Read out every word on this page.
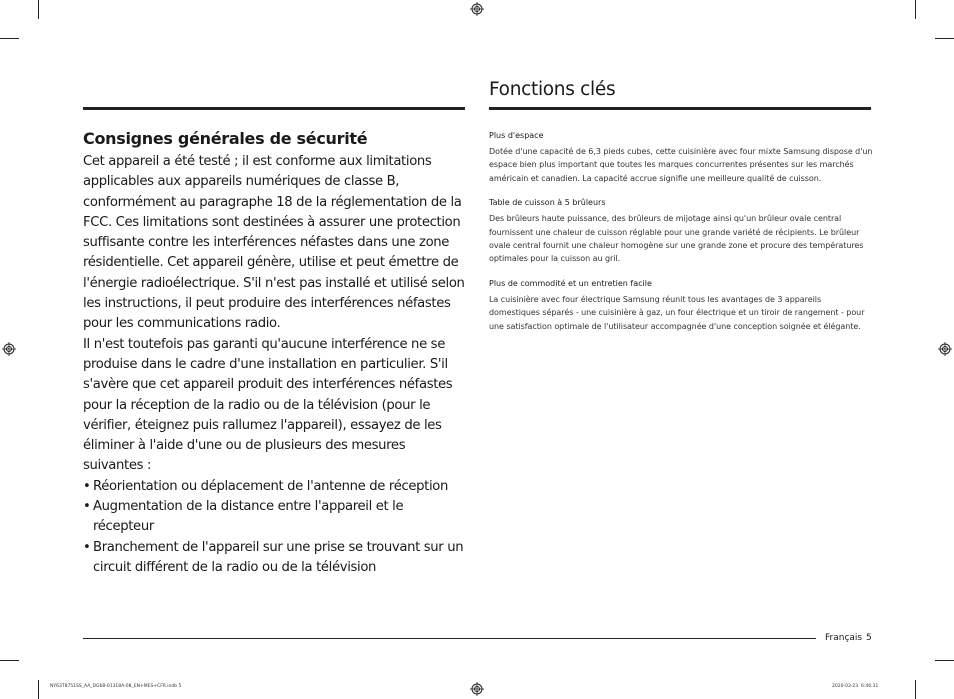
Fonctions clés
Consignes générales de sécurité

Cet appareil a été testé ; il est conforme aux limitations applicables aux appareils numériques de classe B, conformément au paragraphe 18 de la réglementation de la FCC. Ces limitations sont destinées à assurer une protection suffisante contre les interférences néfastes dans une zone résidentielle. Cet appareil génère, utilise et peut émettre de l'énergie radioélectrique. S'il n'est pas installé et utilisé selon les instructions, il peut produire des interférences néfastes pour les communications radio.

Il n'est toutefois pas garanti qu'aucune interférence ne se produise dans le cadre d'une installation en particulier. S'il s'avère que cet appareil produit des interférences néfastes pour la réception de la radio ou de la télévision (pour le vérifier, éteignez puis rallumez l'appareil), essayez de les éliminer à l'aide d'une ou de plusieurs des mesures suivantes :

• Réorientation ou déplacement de l'antenne de réception
• Augmentation de la distance entre l'appareil et le récepteur
• Branchement de l'appareil sur une prise se trouvant sur un circuit différent de la radio ou de la télévision
Plus d'espace

Dotée d'une capacité de 6,3 pieds cubes, cette cuisinière avec four mixte Samsung dispose d'un espace bien plus important que toutes les marques concurrentes présentes sur les marchés américain et canadien. La capacité accrue signifie une meilleure qualité de cuisson.

Table de cuisson à 5 brûleurs

Des brûleurs haute puissance, des brûleurs de mijotage ainsi qu'un brûleur ovale central fournissent une chaleur de cuisson réglable pour une grande variété de récipients. Le brûleur ovale central fournit une chaleur homogène sur une grande zone et procure des températures optimales pour la cuisson au gril.

Plus de commodité et un entretien facile

La cuisinière avec four électrique Samsung réunit tous les avantages de 3 appareils domestiques séparés - une cuisinière à gaz, un four électrique et un tiroir de rangement - pour une satisfaction optimale de l'utilisateur accompagnée d'une conception soignée et élégante.

Français 5
NY63T8751SS_AA_DG68-01318A-08_EN+MES+CFR.indb 5	2020-03-23 ￼ 6:46:31
